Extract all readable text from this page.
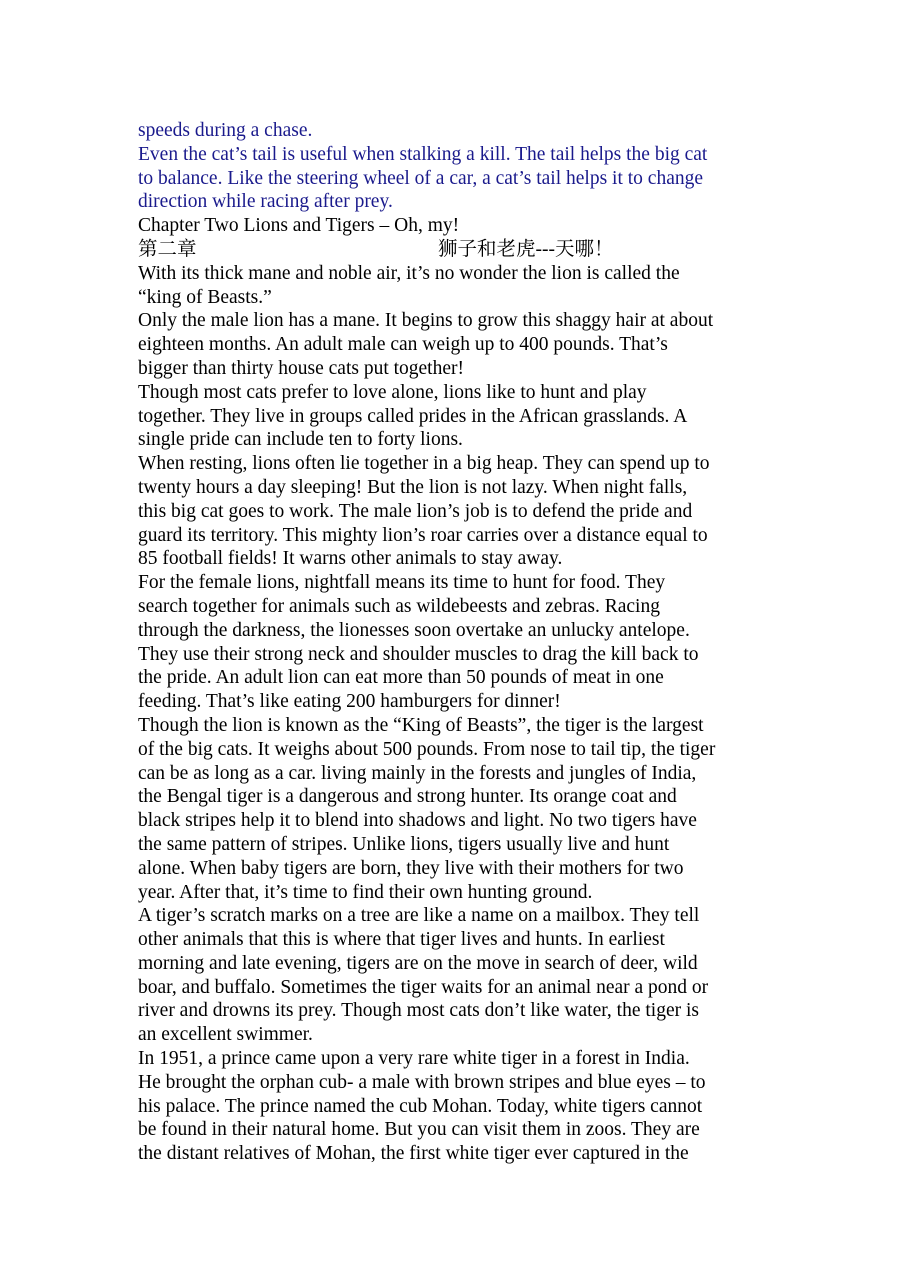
speeds during a chase.
Even the cat’s tail is useful when stalking a kill. The tail helps the big cat
to balance. Like the steering wheel of a car, a cat’s tail helps it to change
direction while racing after prey.

Chapter Two Lions and Tigers – Oh, my!

第二章	狮子和老虎---天哪！

With its thick mane and noble air, it’s no wonder the lion is called the
“king of Beasts.”

Only the male lion has a mane. It begins to grow this shaggy hair at about
eighteen months. An adult male can weigh up to 400 pounds. That’s
bigger than thirty house cats put together!

Though most cats prefer to love alone, lions like to hunt and play
together. They live in groups called prides in the African grasslands. A
single pride can include ten to forty lions.

When resting, lions often lie together in a big heap. They can spend up to
twenty hours a day sleeping! But the lion is not lazy. When night falls,
this big cat goes to work. The male lion’s job is to defend the pride and
guard its territory. This mighty lion’s roar carries over a distance equal to
85 football fields! It warns other animals to stay away.

For the female lions, nightfall means its time to hunt for food. They
search together for animals such as wildebeests and zebras. Racing
through the darkness, the lionesses soon overtake an unlucky antelope.
They use their strong neck and shoulder muscles to drag the kill back to
the pride. An adult lion can eat more than 50 pounds of meat in one
feeding. That’s like eating 200 hamburgers for dinner!

Though the lion is known as the “King of Beasts”, the tiger is the largest
of the big cats. It weighs about 500 pounds. From nose to tail tip, the tiger
can be as long as a car. living mainly in the forests and jungles of India,
the Bengal tiger is a dangerous and strong hunter. Its orange coat and
black stripes help it to blend into shadows and light. No two tigers have
the same pattern of stripes. Unlike lions, tigers usually live and hunt
alone. When baby tigers are born, they live with their mothers for two
year. After that, it’s time to find their own hunting ground.

A tiger’s scratch marks on a tree are like a name on a mailbox. They tell
other animals that this is where that tiger lives and hunts. In earliest
morning and late evening, tigers are on the move in search of deer, wild
boar, and buffalo. Sometimes the tiger waits for an animal near a pond or
river and drowns its prey. Though most cats don’t like water, the tiger is
an excellent swimmer.

In 1951, a prince came upon a very rare white tiger in a forest in India.
He brought the orphan cub- a male with brown stripes and blue eyes – to
his palace. The prince named the cub Mohan. Today, white tigers cannot
be found in their natural home. But you can visit them in zoos. They are
the distant relatives of Mohan, the first white tiger ever captured in the
